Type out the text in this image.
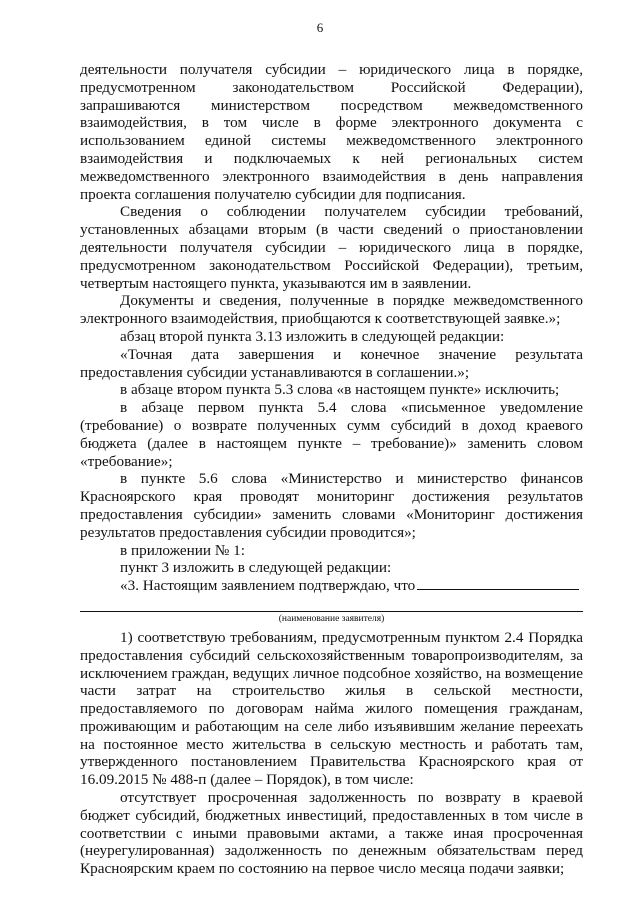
6

деятельности получателя субсидии – юридического лица в порядке, предусмотренном законодательством Российской Федерации), запрашиваются министерством посредством межведомственного взаимодействия, в том числе в форме электронного документа с использованием единой системы межведомственного электронного взаимодействия и подключаемых к ней региональных систем межведомственного электронного взаимодействия в день направления проекта соглашения получателю субсидии для подписания.

Сведения о соблюдении получателем субсидии требований, установленных абзацами вторым (в части сведений о приостановлении деятельности получателя субсидии – юридического лица в порядке, предусмотренном законодательством Российской Федерации), третьим, четвертым настоящего пункта, указываются им в заявлении.

Документы и сведения, полученные в порядке межведомственного электронного взаимодействия, приобщаются к соответствующей заявке.»;

абзац второй пункта 3.13 изложить в следующей редакции:

«Точная дата завершения и конечное значение результата предоставления субсидии устанавливаются в соглашении.»;

в абзаце втором пункта 5.3 слова «в настоящем пункте» исключить;

в абзаце первом пункта 5.4 слова «письменное уведомление (требование) о возврате полученных сумм субсидий в доход краевого бюджета (далее в настоящем пункте – требование)» заменить словом «требование»;

в пункте 5.6 слова «Министерство и министерство финансов Красноярского края проводят мониторинг достижения результатов предоставления субсидии» заменить словами «Мониторинг достижения результатов предоставления субсидии проводится»;

в приложении № 1:

пункт 3 изложить в следующей редакции:

«3. Настоящим заявлением подтверждаю, что

(наименование заявителя)

1) соответствую требованиям, предусмотренным пунктом 2.4 Порядка предоставления субсидий сельскохозяйственным товаропроизводителям, за исключением граждан, ведущих личное подсобное хозяйство, на возмещение части затрат на строительство жилья в сельской местности, предоставляемого по договорам найма жилого помещения гражданам, проживающим и работающим на селе либо изъявившим желание переехать на постоянное место жительства в сельскую местность и работать там, утвержденного постановлением Правительства Красноярского края от 16.09.2015 № 488-п (далее – Порядок), в том числе:

отсутствует просроченная задолженность по возврату в краевой бюджет субсидий, бюджетных инвестиций, предоставленных в том числе в соответствии с иными правовыми актами, а также иная просроченная (неурегулированная) задолженность по денежным обязательствам перед Красноярским краем по состоянию на первое число месяца подачи заявки;
